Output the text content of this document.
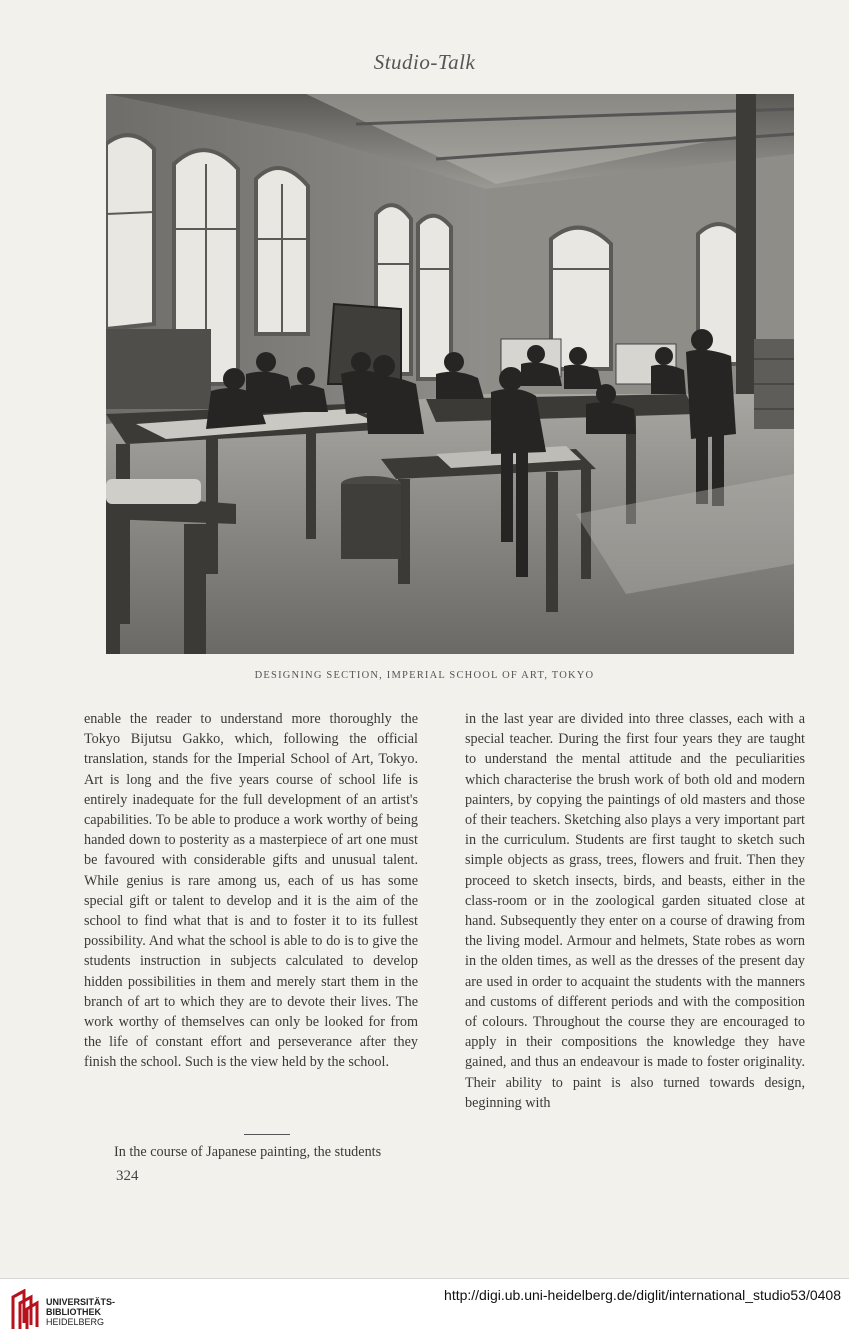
Studio-Talk
DESIGNING SECTION, IMPERIAL SCHOOL OF ART, TOKYO

enable the reader to understand more thoroughly the Tokyo Bijutsu Gakko, which, following the official translation, stands for the Imperial School of Art, Tokyo. Art is long and the five years course of school life is entirely inadequate for the full development of an artist's capabilities. To be able to produce a work worthy of being handed down to posterity as a masterpiece of art one must be favoured with considerable gifts and unusual talent. While genius is rare among us, each of us has some special gift or talent to develop and it is the aim of the school to find what that is and to foster it to its fullest possibility. And what the school is able to do is to give the students instruction in subjects calculated to develop hidden possibilities in them and merely start them in the branch of art to which they are to devote their lives. The work worthy of themselves can only be looked for from the life of constant effort and perseverance after they finish the school. Such is the view held by the school.

In the course of Japanese painting, the students
324

in the last year are divided into three classes, each with a special teacher. During the first four years they are taught to understand the mental attitude and the peculiarities which characterise the brush work of both old and modern painters, by copying the paintings of old masters and those of their teachers. Sketching also plays a very important part in the curriculum. Students are first taught to sketch such simple objects as grass, trees, flowers and fruit. Then they proceed to sketch insects, birds, and beasts, either in the class-room or in the zoological garden situated close at hand. Subsequently they enter on a course of drawing from the living model. Armour and helmets, State robes as worn in the olden times, as well as the dresses of the present day are used in order to acquaint the students with the manners and customs of different periods and with the composition of colours. Throughout the course they are encouraged to apply in their compositions the knowledge they have gained, and thus an endeavour is made to foster originality. Their ability to paint is also turned towards design, beginning with

UNIVERSITÄTS-
BIBLIOTHEK
HEIDELBERG
http://digi.ub.uni-heidelberg.de/diglit/international_studio53/0408
